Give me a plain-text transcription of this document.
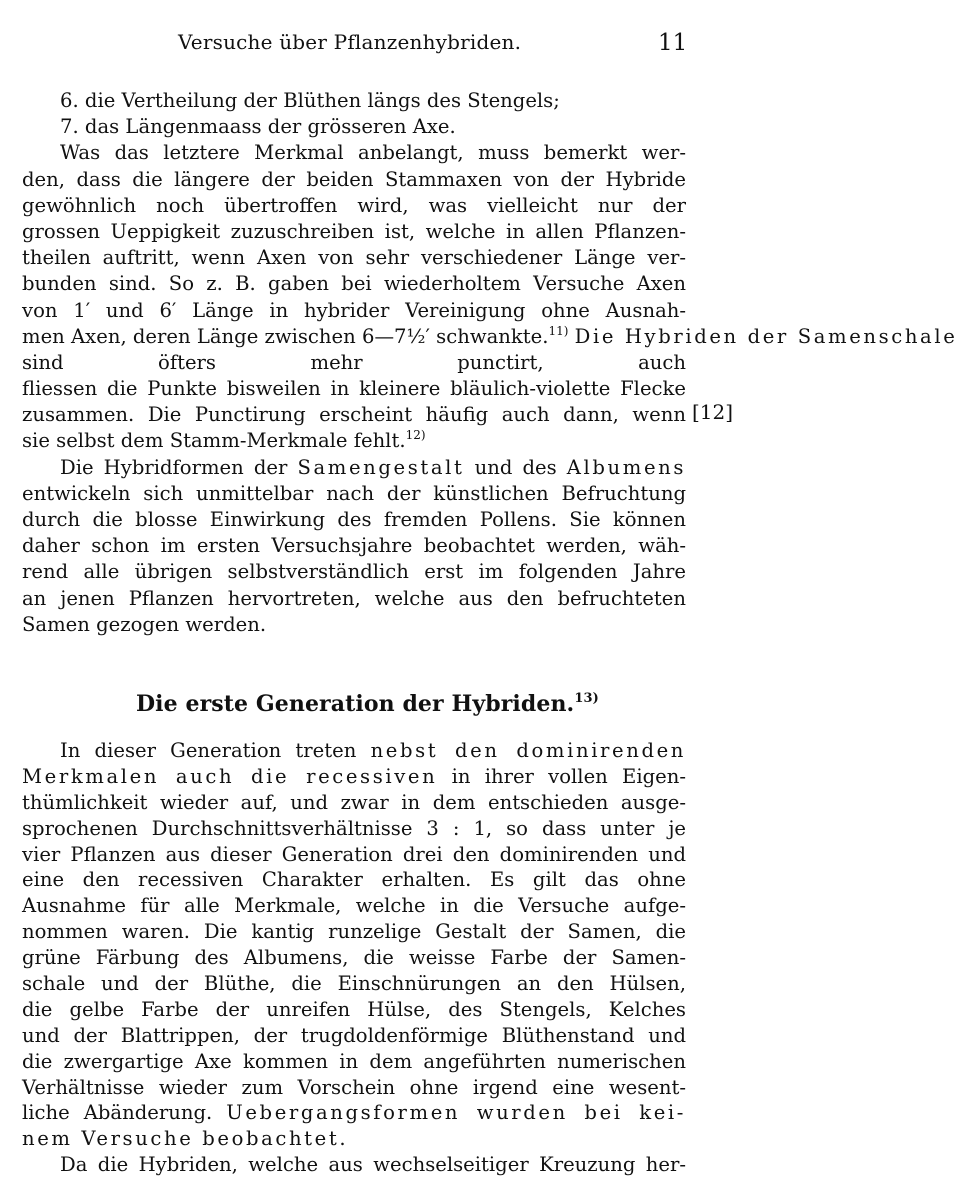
Versuche über Pflanzenhybriden.	11
6. die Vertheilung der Blüthen längs des Stengels;
7. das Längenmaass der grösseren Axe.
Was das letztere Merkmal anbelangt, muss bemerkt wer-
den, dass die längere der beiden Stammaxen von der Hybride
gewöhnlich noch übertroffen wird, was vielleicht nur der
grossen Ueppigkeit zuzuschreiben ist, welche in allen Pflanzen-
theilen auftritt, wenn Axen von sehr verschiedener Länge ver-
bunden sind. So z. B. gaben bei wiederholtem Versuche Axen
von 1′ und 6′ Länge in hybrider Vereinigung ohne Ausnah-
men Axen, deren Länge zwischen 6—7½′ schwankte.$^{11)}$ Die Hybriden der Samenschale
sind öfters mehr punctirt, auch
fliessen die Punkte bisweilen in kleinere bläulich-violette Flecke
zusammen. Die Punctirung erscheint häufig auch dann, wenn
sie selbst dem Stamm-Merkmale fehlt.$^{12)}$
Die Hybridformen der Samengestalt und des Albumens
entwickeln sich unmittelbar nach der künstlichen Befruchtung
durch die blosse Einwirkung des fremden Pollens. Sie können
daher schon im ersten Versuchsjahre beobachtet werden, wäh-
rend alle übrigen selbstverständlich erst im folgenden Jahre
an jenen Pflanzen hervortreten, welche aus den befruchteten
Samen gezogen werden.
[12]
Die erste Generation der Hybriden.$^{13)}$
In dieser Generation treten nebst den dominirenden
Merkmalen auch die recessiven in ihrer vollen Eigen-
thümlichkeit wieder auf, und zwar in dem entschieden ausge-
sprochenen Durchschnittsverhältnisse 3 : 1, so dass unter je
vier Pflanzen aus dieser Generation drei den dominirenden und
eine den recessiven Charakter erhalten. Es gilt das ohne
Ausnahme für alle Merkmale, welche in die Versuche aufge-
nommen waren. Die kantig runzelige Gestalt der Samen, die
grüne Färbung des Albumens, die weisse Farbe der Samen-
schale und der Blüthe, die Einschnürungen an den Hülsen,
die gelbe Farbe der unreifen Hülse, des Stengels, Kelches
und der Blattrippen, der trugdoldenförmige Blüthenstand und
die zwergartige Axe kommen in dem angeführten numerischen
Verhältnisse wieder zum Vorschein ohne irgend eine wesent-
liche Abänderung. Uebergangsformen wurden bei kei-
nem Versuche beobachtet.
Da die Hybriden, welche aus wechselseitiger Kreuzung her-
